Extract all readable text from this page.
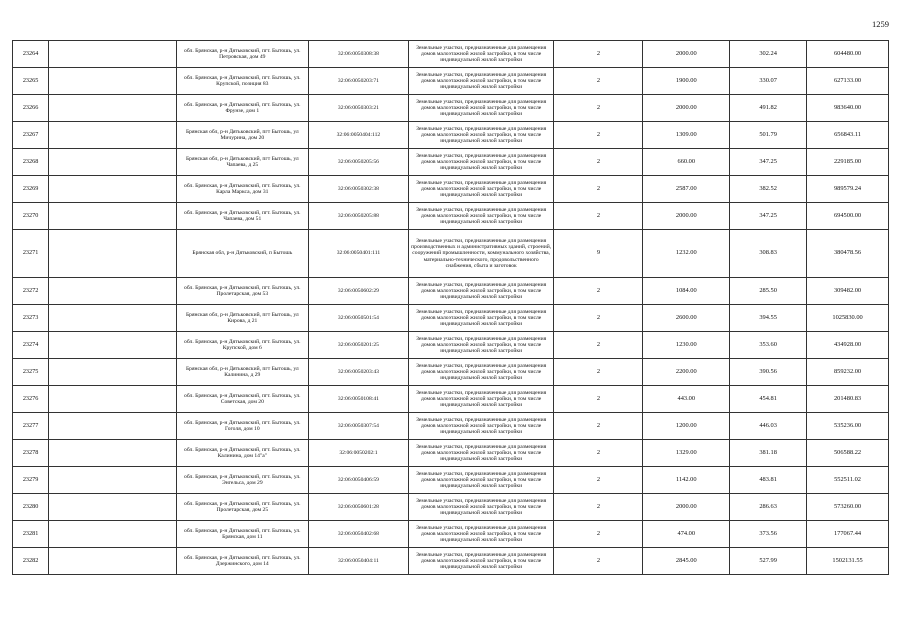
1259
23264		обл. Брянская, р-н Дятьковский, пгт. Бытошь, ул. Петровская, дом 49	32:06:0050308:38	Земельные участки, предназначенные для размещения домов малоэтажной жилой застройки, в том числе индивидуальной жилой застройки	2	2000.00	302.24	604480.00
23265		обл. Брянская, р-н Дятьковский, пгт. Бытошь, ул. Крупской, позиция 83	32:06:0050203:71	Земельные участки, предназначенные для размещения домов малоэтажной жилой застройки, в том числе индивидуальной жилой застройки	2	1900.00	330.07	627133.00
23266		обл. Брянская, р-н Дятьковский, пгт. Бытошь, ул. Фрунзе, дом 1	32:06:0050303:21	Земельные участки, предназначенные для размещения домов малоэтажной жилой застройки, в том числе индивидуальной жилой застройки	2	2000.00	491.82	983640.00
23267		Брянская обл, р-н Дятьковский, пгт Бытошь, ул Мичурина, дом 20	32:06:0050404:112	Земельные участки, предназначенные для размещения домов малоэтажной жилой застройки, в том числе индивидуальной жилой застройки	2	1309.00	501.79	656843.11
23268		Брянская обл, р-н Дятьковский, пгт Бытошь, ул Чапаева, д 25	32:06:0050205:56	Земельные участки, предназначенные для размещения домов малоэтажной жилой застройки, в том числе индивидуальной жилой застройки	2	660.00	347.25	229185.00
23269		обл. Брянская, р-н Дятьковский, пгт. Бытошь, ул. Карла Маркса, дом 31	32:06:0050302:38	Земельные участки, предназначенные для размещения домов малоэтажной жилой застройки, в том числе индивидуальной жилой застройки	2	2587.00	382.52	989579.24
23270		обл. Брянская, р-н Дятьковский, пгт. Бытошь, ул. Чапаева, дом 51	32:06:0050205:88	Земельные участки, предназначенные для размещения домов малоэтажной жилой застройки, в том числе индивидуальной жилой застройки	2	2000.00	347.25	694500.00
23271		Брянская обл, р-н Дятьковский, п Бытошь	32:06:0050401:111	Земельные участки, предназначенные для размещения производственных и административных зданий, строений, сооружений промышленности, коммунального хозяйства, материально-технического, продовольственного снабжения, сбыта и заготовок	9	1232.00	308.83	380478.56
23272		обл. Брянская, р-н Дятьковский, пгт. Бытошь, ул. Пролетарская, дом 53	32:06:0050602:29	Земельные участки, предназначенные для размещения домов малоэтажной жилой застройки, в том числе индивидуальной жилой застройки	2	1084.00	285.50	309482.00
23273		Брянская обл, р-н Дятьковский, пгт Бытошь, ул Кирова, д 21	32:06:0050501:54	Земельные участки, предназначенные для размещения домов малоэтажной жилой застройки, в том числе индивидуальной жилой застройки	2	2600.00	394.55	1025830.00
23274		обл. Брянская, р-н Дятьковский, пгт. Бытошь, ул. Крупской, дом 6	32:06:0050201:25	Земельные участки, предназначенные для размещения домов малоэтажной жилой застройки, в том числе индивидуальной жилой застройки	2	1230.00	353.60	434928.00
23275		Брянская обл, р-н Дятьковский, пгт Бытошь, ул Калинина, д 29	32:06:0050203:43	Земельные участки, предназначенные для размещения домов малоэтажной жилой застройки, в том числе индивидуальной жилой застройки	2	2200.00	390.56	859232.00
23276		обл. Брянская, р-н Дятьковский, пгт. Бытошь, ул. Советская, дом 20	32:06:0050108:41	Земельные участки, предназначенные для размещения домов малоэтажной жилой застройки, в том числе индивидуальной жилой застройки	2	443.00	454.81	201480.83
23277		обл. Брянская, р-н Дятьковский, пгт. Бытошь, ул. Гоголя, дом 10	32:06:0050307:54	Земельные участки, предназначенные для размещения домов малоэтажной жилой застройки, в том числе индивидуальной жилой застройки	2	1200.00	446.03	535236.00
23278		обл. Брянская, р-н Дятьковский, пгт. Бытошь, ул. Калинина, дом 14"а"	32:06:0050202:1	Земельные участки, предназначенные для размещения домов малоэтажной жилой застройки, в том числе индивидуальной жилой застройки	2	1329.00	381.18	506588.22
23279		обл. Брянская, р-н Дятьковский, пгт. Бытошь, ул. Энгельса, дом 29	32:06:0050406:59	Земельные участки, предназначенные для размещения домов малоэтажной жилой застройки, в том числе индивидуальной жилой застройки	2	1142.00	483.81	552511.02
23280		обл. Брянская, р-н Дятьковский, пгт. Бытошь, ул. Пролетарская, дом 25	32:06:0050601:28	Земельные участки, предназначенные для размещения домов малоэтажной жилой застройки, в том числе индивидуальной жилой застройки	2	2000.00	286.63	573260.00
23281		обл. Брянская, р-н Дятьковский, пгт. Бытошь, ул. Брянская, дом 11	32:06:0050402:68	Земельные участки, предназначенные для размещения домов малоэтажной жилой застройки, в том числе индивидуальной жилой застройки	2	474.00	373.56	177067.44
23282		обл. Брянская, р-н Дятьковский, пгт. Бытошь, ул. Дзержинского, дом 14	32:06:0050404:11	Земельные участки, предназначенные для размещения домов малоэтажной жилой застройки, в том числе индивидуальной жилой застройки	2	2845.00	527.99	1502131.55
